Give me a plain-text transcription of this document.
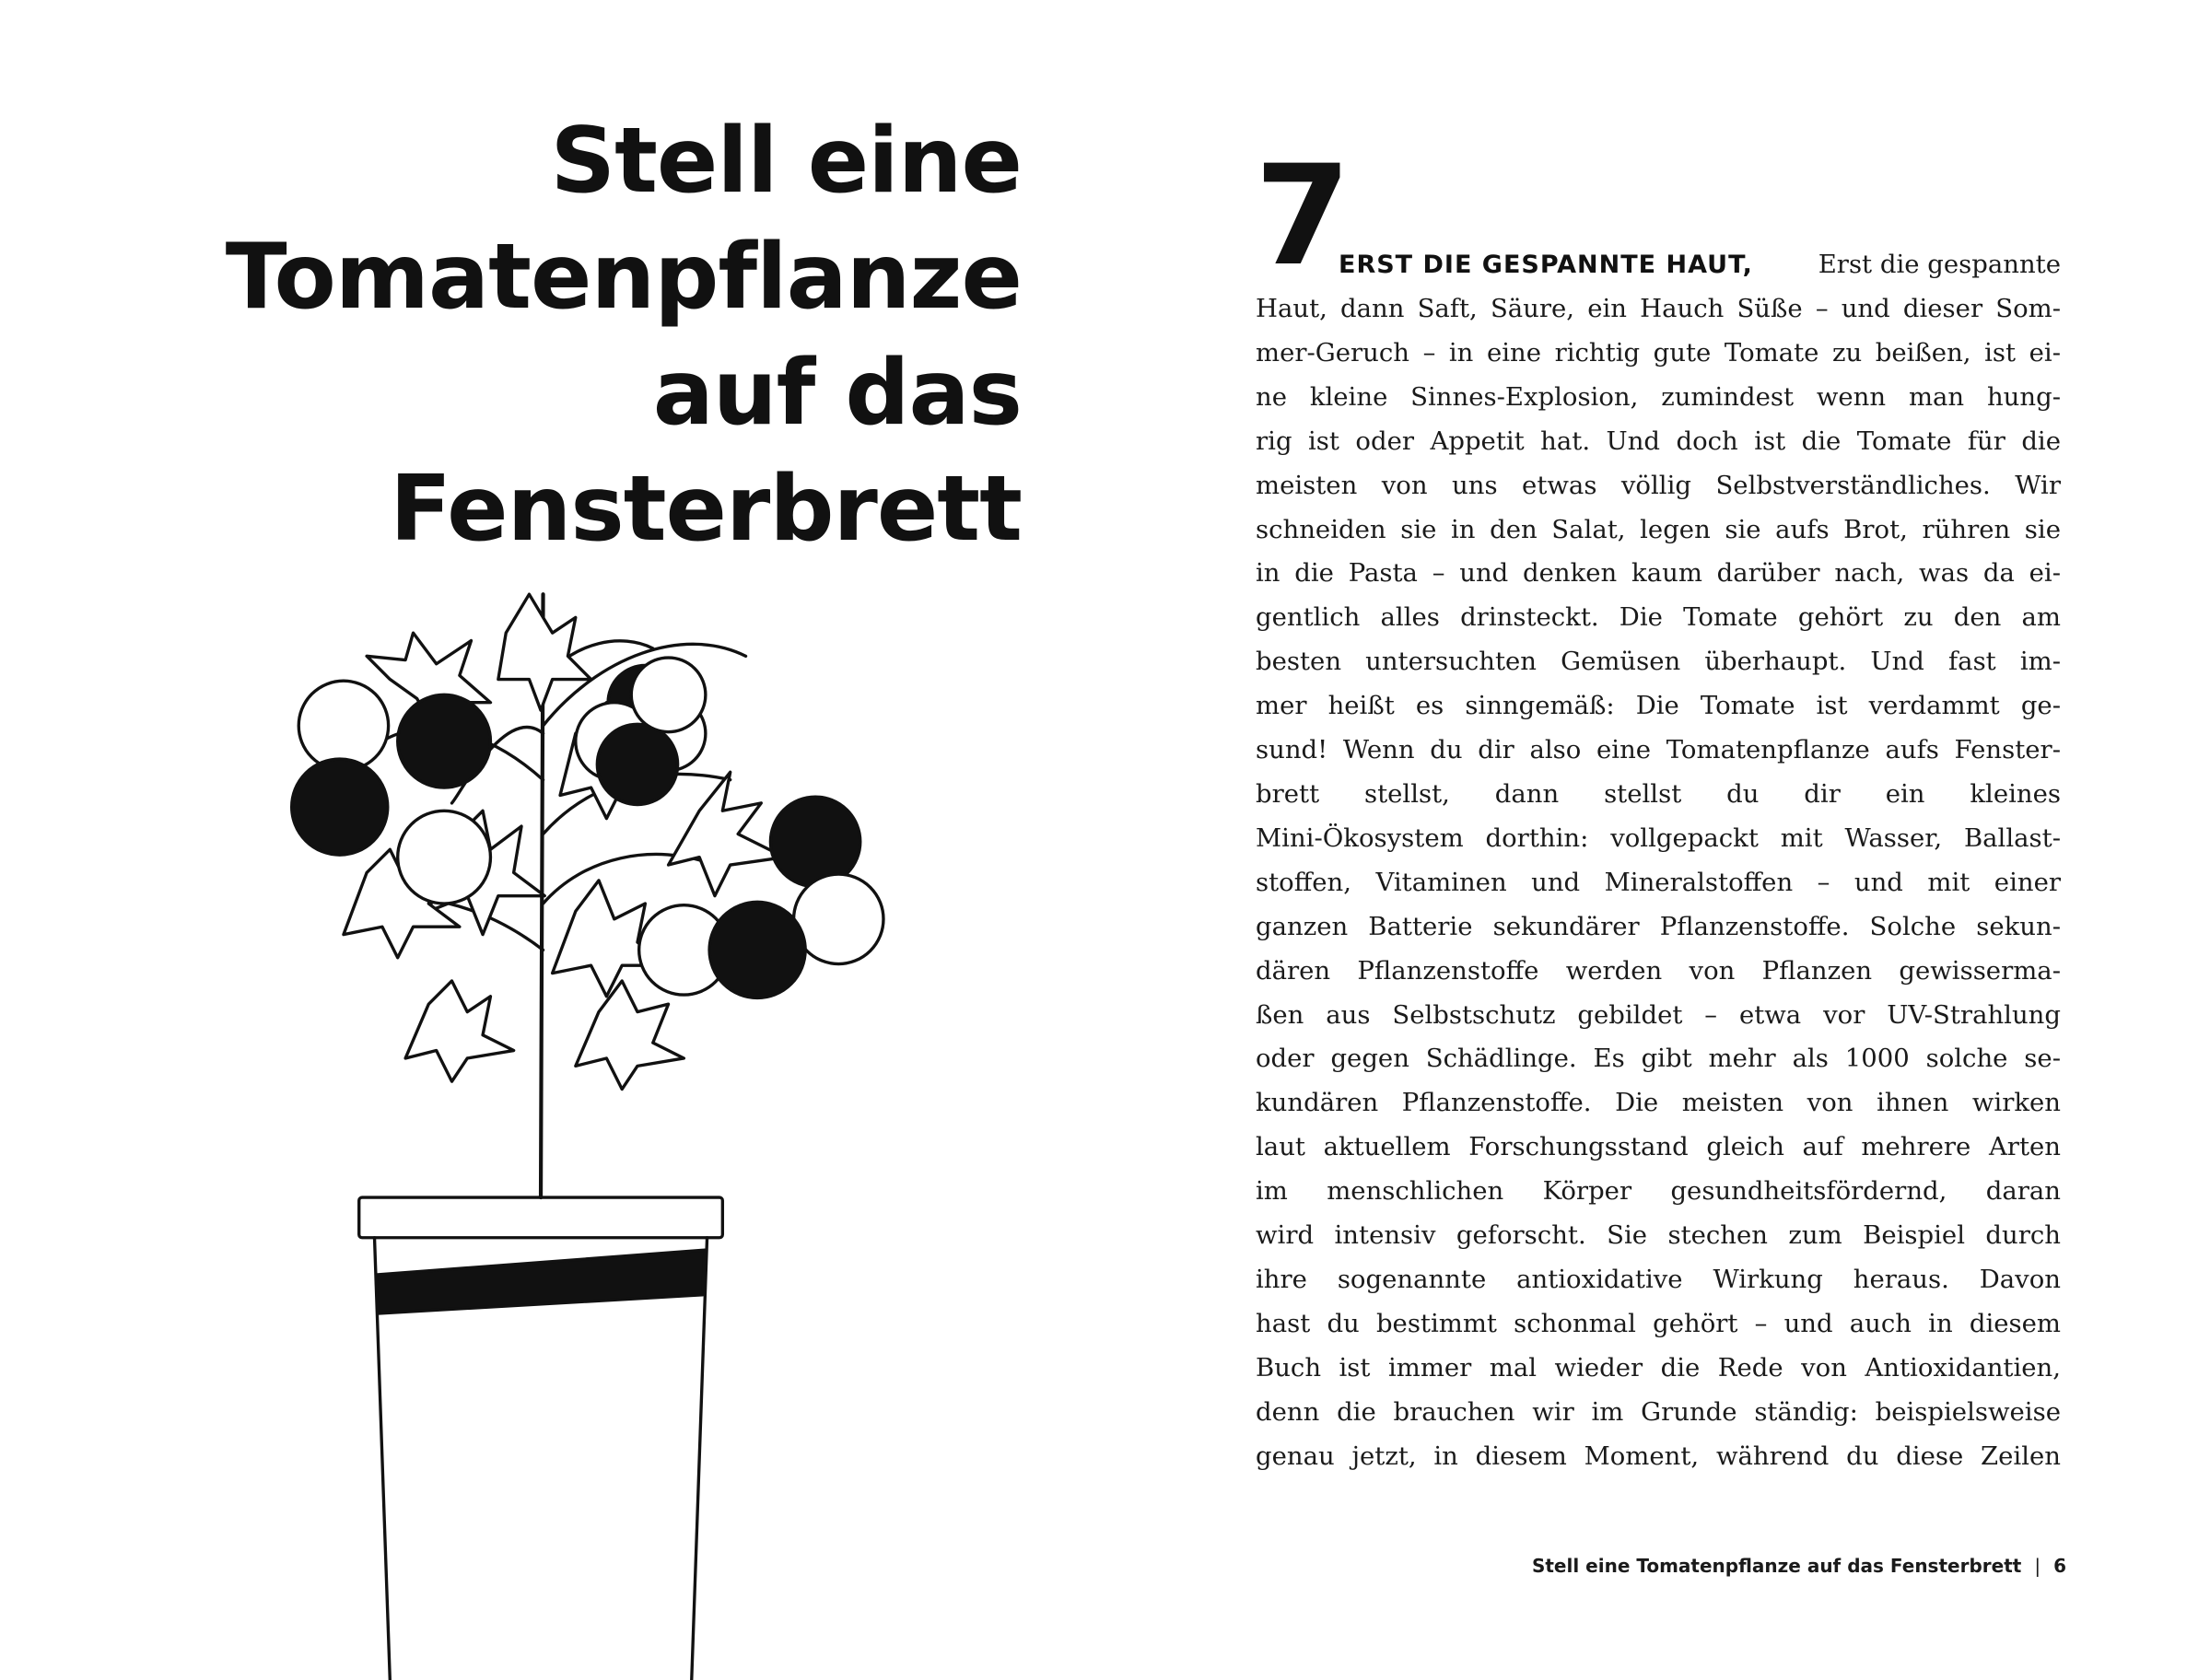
Stell eine
Tomatenpflanze
auf das
Fensterbrett
7
ERST DIE GESPANNTE HAUT,	Erst die gespannte
Haut, dann Saft, Säure, ein Hauch Süße – und dieser Som-
mer-Geruch – in eine richtig gute Tomate zu beißen, ist ei-
ne kleine Sinnes-Explosion, zumindest wenn man hung-
rig ist oder Appetit hat. Und doch ist die Tomate für die
meisten von uns etwas völlig Selbstverständliches. Wir
schneiden sie in den Salat, legen sie aufs Brot, rühren sie
in die Pasta – und denken kaum darüber nach, was da ei-
gentlich alles drinsteckt. Die Tomate gehört zu den am
besten untersuchten Gemüsen überhaupt. Und fast im-
mer heißt es sinngemäß: Die Tomate ist verdammt ge-
sund! Wenn du dir also eine Tomatenpflanze aufs Fenster-
brett stellst, dann stellst du dir ein kleines
Mini-Ökosystem dorthin: vollgepackt mit Wasser, Ballast-
stoffen, Vitaminen und Mineralstoffen – und mit einer
ganzen Batterie sekundärer Pflanzenstoffe. Solche sekun-
dären Pflanzenstoffe werden von Pflanzen gewisserma-
ßen aus Selbstschutz gebildet – etwa vor UV-Strahlung
oder gegen Schädlinge. Es gibt mehr als 1000 solche se-
kundären Pflanzenstoffe. Die meisten von ihnen wirken
laut aktuellem Forschungsstand gleich auf mehrere Arten
im menschlichen Körper gesundheitsfördernd, daran
wird intensiv geforscht. Sie stechen zum Beispiel durch
ihre sogenannte antioxidative Wirkung heraus. Davon
hast du bestimmt schonmal gehört – und auch in diesem
Buch ist immer mal wieder die Rede von Antioxidantien,
denn die brauchen wir im Grunde ständig: beispielsweise
genau jetzt, in diesem Moment, während du diese Zeilen
Stell eine Tomatenpflanze auf das Fensterbrett | 6
